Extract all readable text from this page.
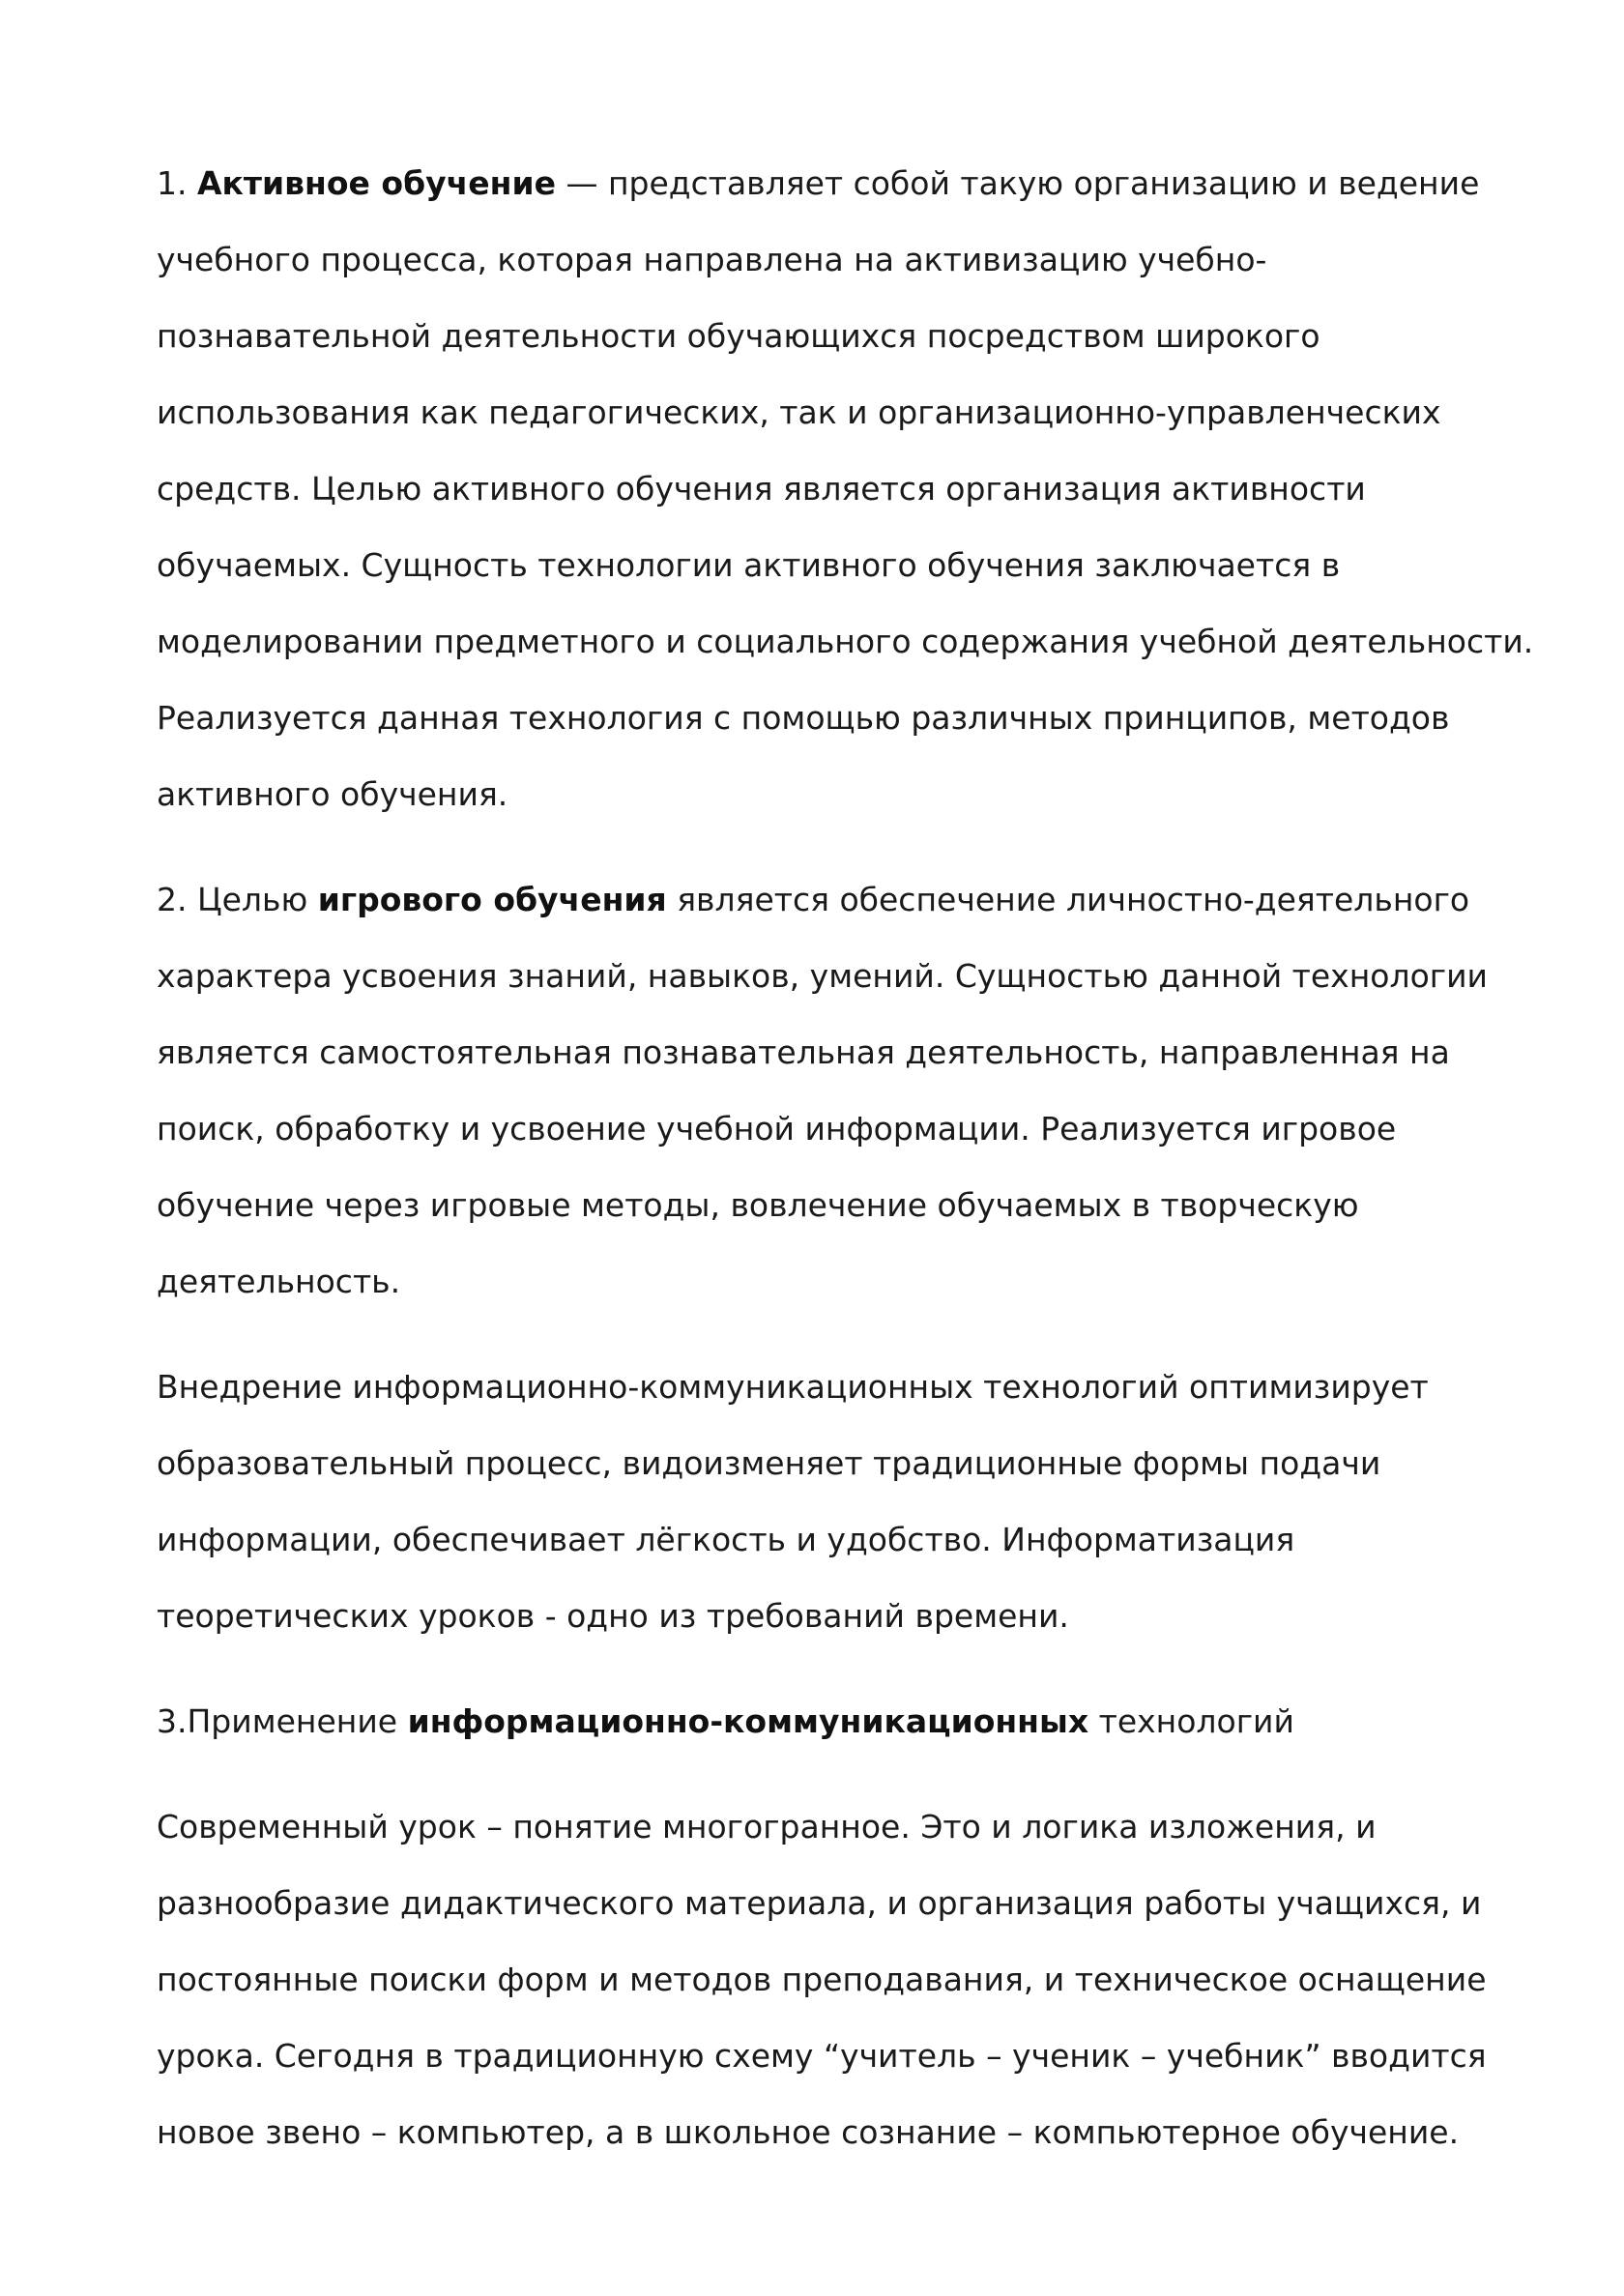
1. Активное обучение — представляет собой такую организацию и ведение
учебного процесса, которая направлена на активизацию учебно-
познавательной деятельности обучающихся посредством широкого
использования как педагогических, так и организационно-управленческих
средств. Целью активного обучения является организация активности
обучаемых. Сущность технологии активного обучения заключается в
моделировании предметного и социального содержания учебной деятельности.
Реализуется данная технология с помощью различных принципов, методов
активного обучения.

2. Целью игрового обучения является обеспечение личностно-деятельного
характера усвоения знаний, навыков, умений. Сущностью данной технологии
является самостоятельная познавательная деятельность, направленная на
поиск, обработку и усвоение учебной информации. Реализуется игровое
обучение через игровые методы, вовлечение обучаемых в творческую
деятельность.

Внедрение информационно-коммуникационных технологий оптимизирует
образовательный процесс, видоизменяет традиционные формы подачи
информации, обеспечивает лёгкость и удобство. Информатизация
теоретических уроков - одно из требований времени.

3.Применение информационно-коммуникационных технологий

Современный урок – понятие многогранное. Это и логика изложения, и
разнообразие дидактического материала, и организация работы учащихся, и
постоянные поиски форм и методов преподавания, и техническое оснащение
урока. Сегодня в традиционную схему “учитель – ученик – учебник” вводится
новое звено – компьютер, а в школьное сознание – компьютерное обучение.
